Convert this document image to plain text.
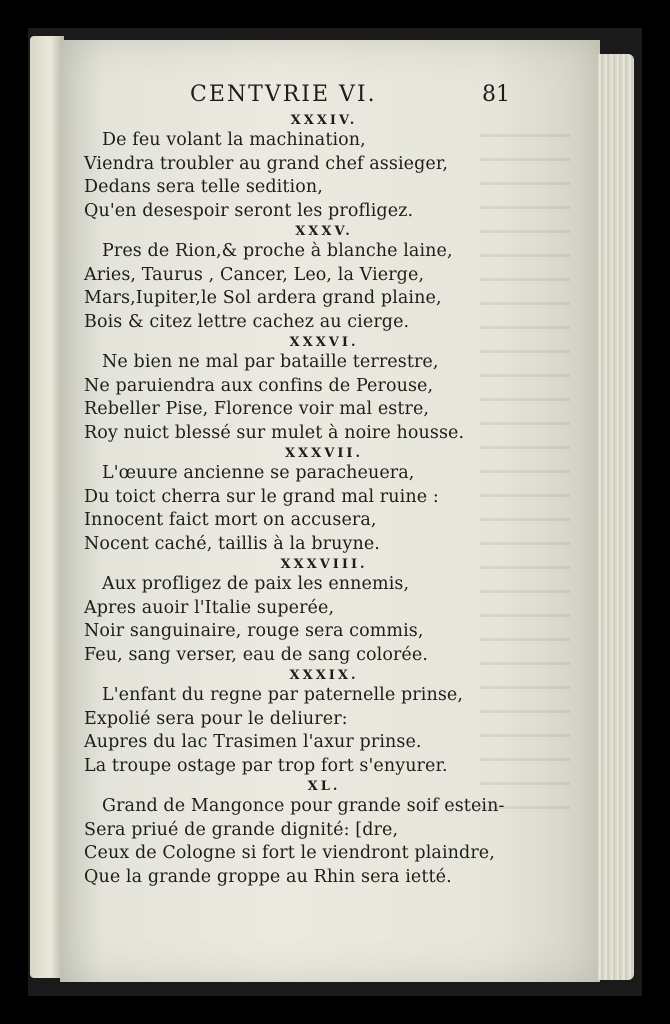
CENTVRIE VI.	81
XXXIV.
De feu volant la machination,
Viendra troubler au grand chef assieger,
Dedans sera telle sedition,
Qu'en desespoir seront les profligez.
XXXV.
Pres de Rion,& proche à blanche laine,
Aries, Taurus , Cancer, Leo, la Vierge,
Mars,Iupiter,le Sol ardera grand plaine,
Bois & citez lettre cachez au cierge.
XXXVI.
Ne bien ne mal par bataille terrestre,
Ne paruiendra aux confins de Perouse,
Rebeller Pise, Florence voir mal estre,
Roy nuict blessé sur mulet à noire housse.
XXXVII.
L'œuure ancienne se paracheuera,
Du toict cherra sur le grand mal ruine :
Innocent faict mort on accusera,
Nocent caché, taillis à la bruyne.
XXXVIII.
Aux profligez de paix les ennemis,
Apres auoir l'Italie superée,
Noir sanguinaire, rouge sera commis,
Feu, sang verser, eau de sang colorée.
XXXIX.
L'enfant du regne par paternelle prinse,
Expolié sera pour le deliurer:
Aupres du lac Trasimen l'axur prinse.
La troupe ostage par trop fort s'enyurer.
XL.
Grand de Mangonce pour grande soif estein-
Sera priué de grande dignité: [dre,
Ceux de Cologne si fort le viendront plaindre,
Que la grande groppe au Rhin sera ietté.
